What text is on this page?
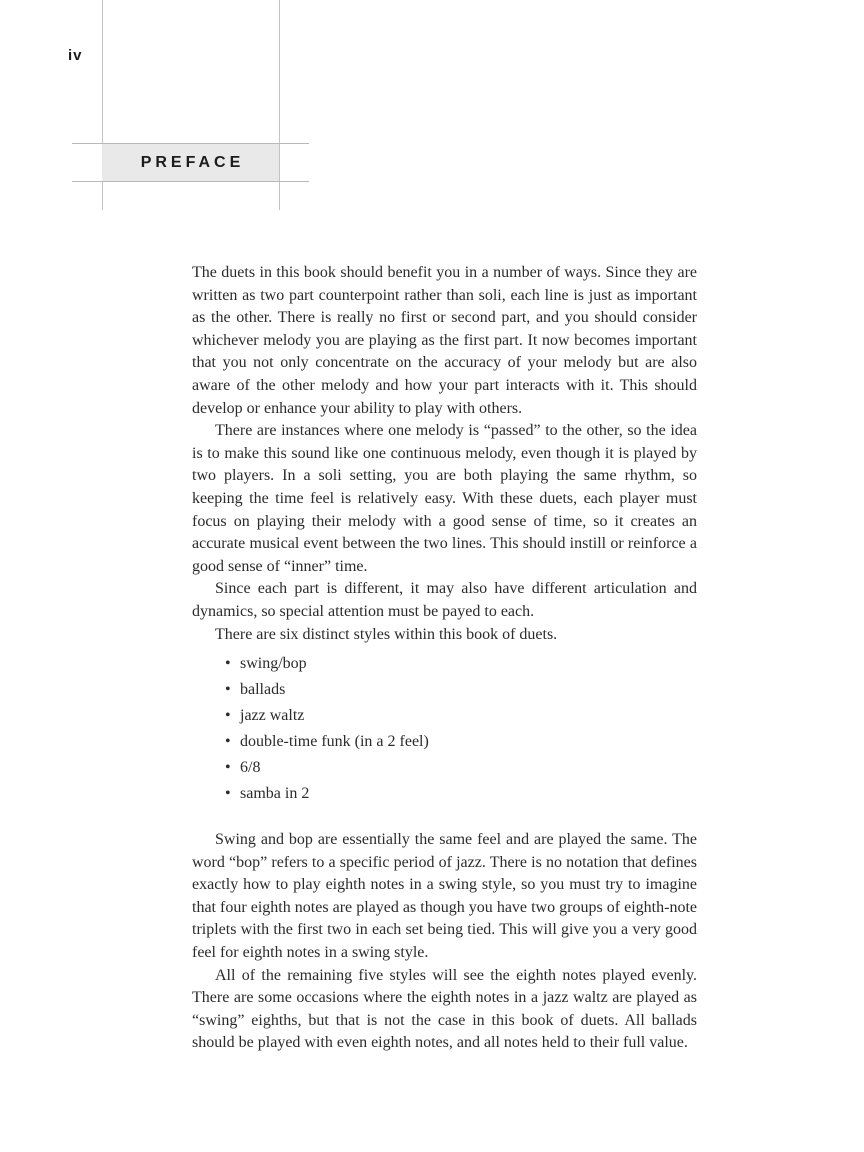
iv
PREFACE

The duets in this book should benefit you in a number of ways. Since they are written as two part counterpoint rather than soli, each line is just as important as the other. There is really no first or second part, and you should consider whichever melody you are playing as the first part. It now becomes important that you not only concentrate on the accuracy of your melody but are also aware of the other melody and how your part interacts with it. This should develop or enhance your ability to play with others.

There are instances where one melody is “passed” to the other, so the idea is to make this sound like one continuous melody, even though it is played by two players. In a soli setting, you are both playing the same rhythm, so keeping the time feel is relatively easy. With these duets, each player must focus on playing their melody with a good sense of time, so it creates an accurate musical event between the two lines. This should instill or reinforce a good sense of “inner” time.

Since each part is different, it may also have different articulation and dynamics, so special attention must be payed to each.

There are six distinct styles within this book of duets.

• swing/bop
• ballads
• jazz waltz
• double-time funk (in a 2 feel)
• 6/8
• samba in 2

Swing and bop are essentially the same feel and are played the same. The word “bop” refers to a specific period of jazz. There is no notation that defines exactly how to play eighth notes in a swing style, so you must try to imagine that four eighth notes are played as though you have two groups of eighth-note triplets with the first two in each set being tied. This will give you a very good feel for eighth notes in a swing style.

All of the remaining five styles will see the eighth notes played evenly. There are some occasions where the eighth notes in a jazz waltz are played as “swing” eighths, but that is not the case in this book of duets. All ballads should be played with even eighth notes, and all notes held to their full value.
